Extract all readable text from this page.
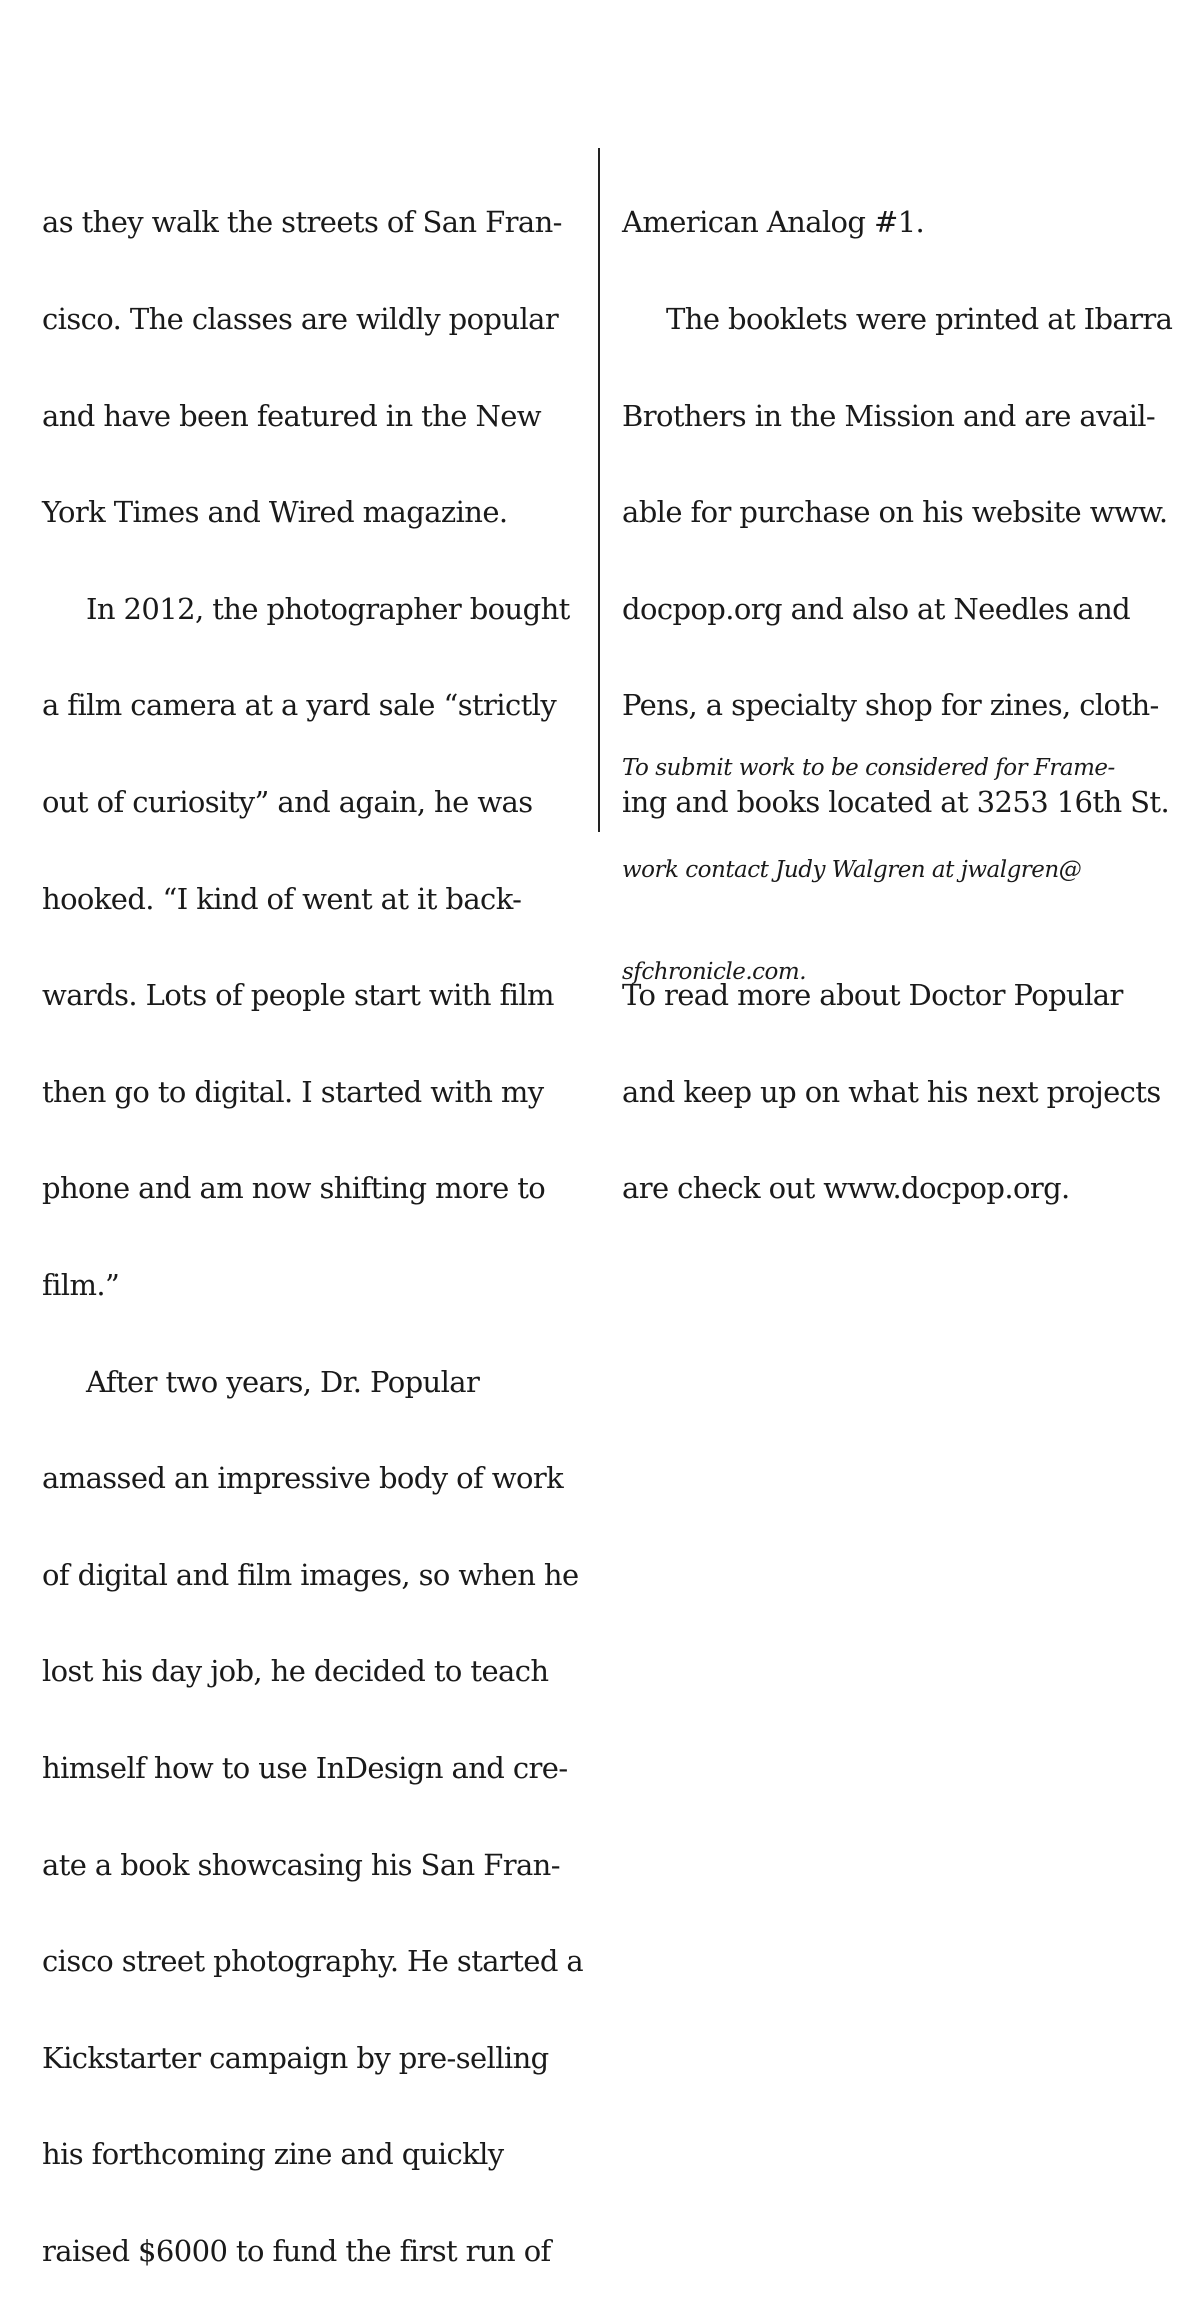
as they walk the streets of San Fran-

cisco. The classes are wildly popular

and have been featured in the New

York Times and Wired magazine.

In 2012, the photographer bought

a film camera at a yard sale “strictly

out of curiosity” and again, he was

hooked. “I kind of went at it back-

wards. Lots of people start with film

then go to digital. I started with my

phone and am now shifting more to

film.”

After two years, Dr. Popular

amassed an impressive body of work

of digital and film images, so when he

lost his day job, he decided to teach

himself how to use InDesign and cre-

ate a book showcasing his San Fran-

cisco street photography. He started a

Kickstarter campaign by pre-selling

his forthcoming zine and quickly

raised $6000 to fund the first run of

American Analog #1.

The booklets were printed at Ibarra

Brothers in the Mission and are avail-

able for purchase on his website www.

docpop.org and also at Needles and

Pens, a specialty shop for zines, cloth-

ing and books located at 3253 16th St.

To read more about Doctor Popular

and keep up on what his next projects

are check out www.docpop.org.

To submit work to be considered for Frame-

work contact Judy Walgren at jwalgren@

sfchronicle.com.
